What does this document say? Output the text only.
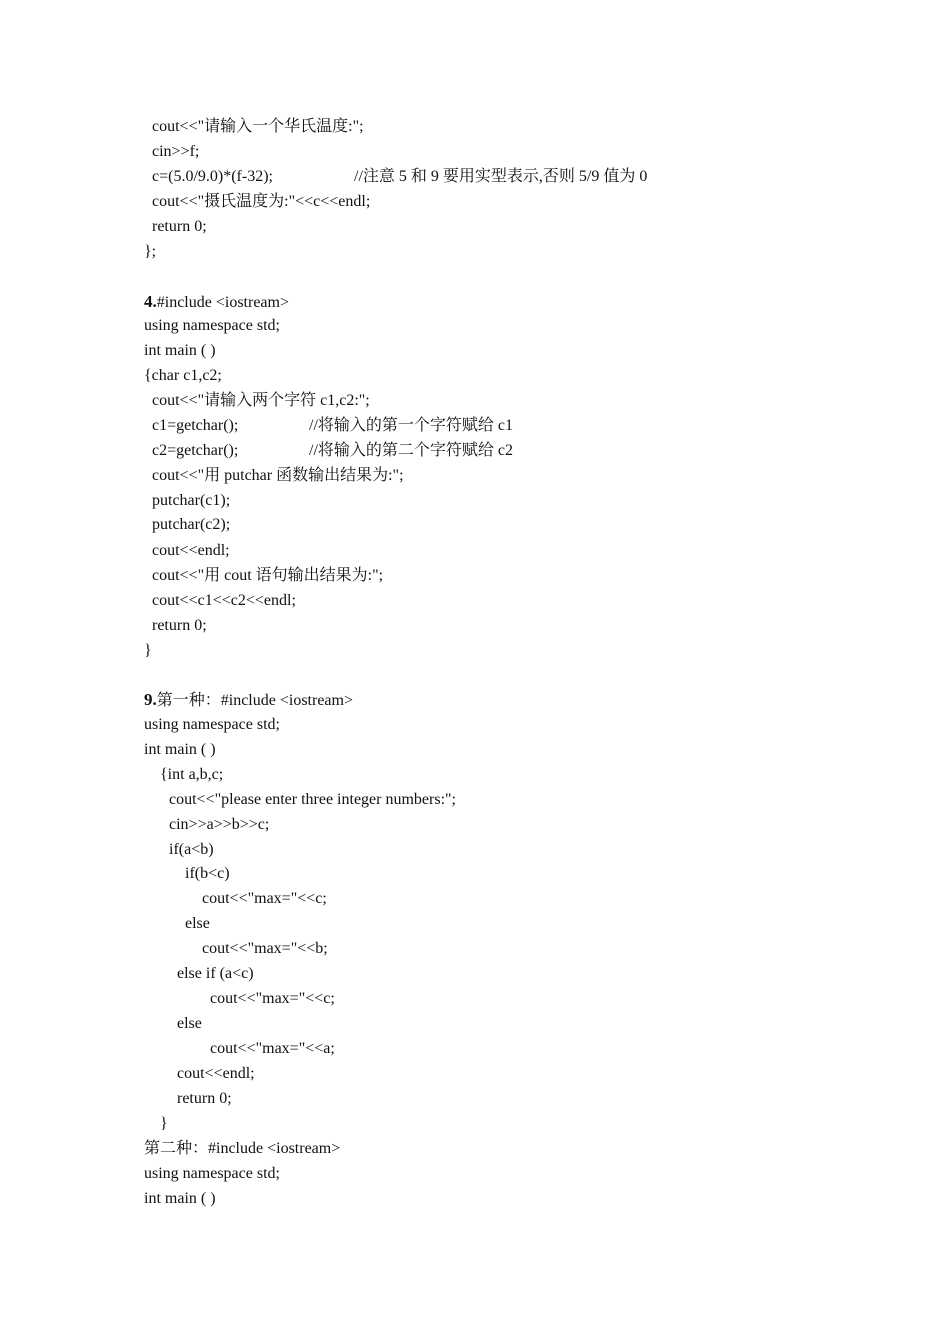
cout<<"请输入一个华氏温度:";
cin>>f;
c=(5.0/9.0)*(f-32);	//注意 5 和 9 要用实型表示,否则 5/9 值为 0
cout<<"摄氏温度为:"<<c<<endl;
return 0;
};
4.#include <iostream>
using namespace std;
int main ( )
{char c1,c2;
cout<<"请输入两个字符 c1,c2:";
c1=getchar();	//将输入的第一个字符赋给 c1
c2=getchar();	//将输入的第二个字符赋给 c2
cout<<"用 putchar 函数输出结果为:";
putchar(c1);
putchar(c2);
cout<<endl;
cout<<"用 cout 语句输出结果为:";
cout<<c1<<c2<<endl;
return 0;
}
9.第一种：#include <iostream>
using namespace std;
int main ( )
{int a,b,c;
cout<<"please enter three integer numbers:";
cin>>a>>b>>c;
if(a<b)
if(b<c)
cout<<"max="<<c;
else
cout<<"max="<<b;
else if (a<c)
cout<<"max="<<c;
else
cout<<"max="<<a;
cout<<endl;
return 0;
}
第二种：#include <iostream>
using namespace std;
int main ( )
